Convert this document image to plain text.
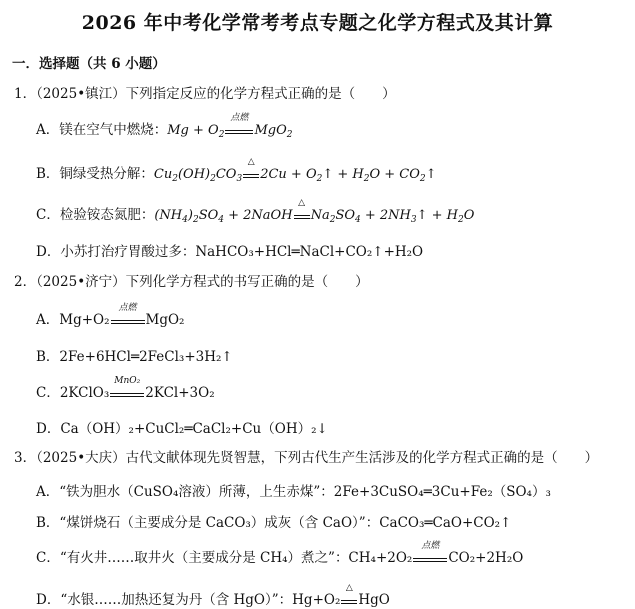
2026 年中考化学常考考点专题之化学方程式及其计算
一．选择题（共 6 小题）
1．（2025•镇江）下列指定反应的化学方程式正确的是（　　）
A．镁在空气中燃烧：$Mg + O_2$
点燃
MgO$_2$
B．铜绿受热分解：$Cu_2(OH)_2CO_3$
△
$2Cu + O_2↑ + H_2O$ + $CO_2↑$
C．检验铵态氮肥：$(NH_4)_2SO_4$ + 2NaOH
△
$Na_2SO_4$ + $2NH_3↑ + H_2O$
D．小苏打治疗胃酸过多：NaHCO₃+HCl═NaCl+CO₂↑+H₂O
2．（2025•济宁）下列化学方程式的书写正确的是（　　）
A．Mg+O₂
点燃
MgO₂
B．2Fe+6HCl═2FeCl₃+3H₂↑
C．2KClO₃
MnO₂
2KCl+3O₂
D．Ca（OH）₂+CuCl₂═CaCl₂+Cu（OH）₂↓
3．（2025•大庆）古代文献体现先贤智慧，下列古代生产生活涉及的化学方程式正确的是（　　）
A．“铁为胆水（CuSO₄溶液）所薄，上生赤煤”：2Fe+3CuSO₄═3Cu+Fe₂（SO₄）₃
B．“煤饼烧石（主要成分是 CaCO₃）成灰（含 CaO）”：CaCO₃═CaO+CO₂↑
C．“有火井……取井火（主要成分是 CH₄）煮之”：CH₄+2O₂
点燃
CO₂+2H₂O
D．“水银……加热还复为丹（含 HgO）”：Hg+O₂
△
HgO
